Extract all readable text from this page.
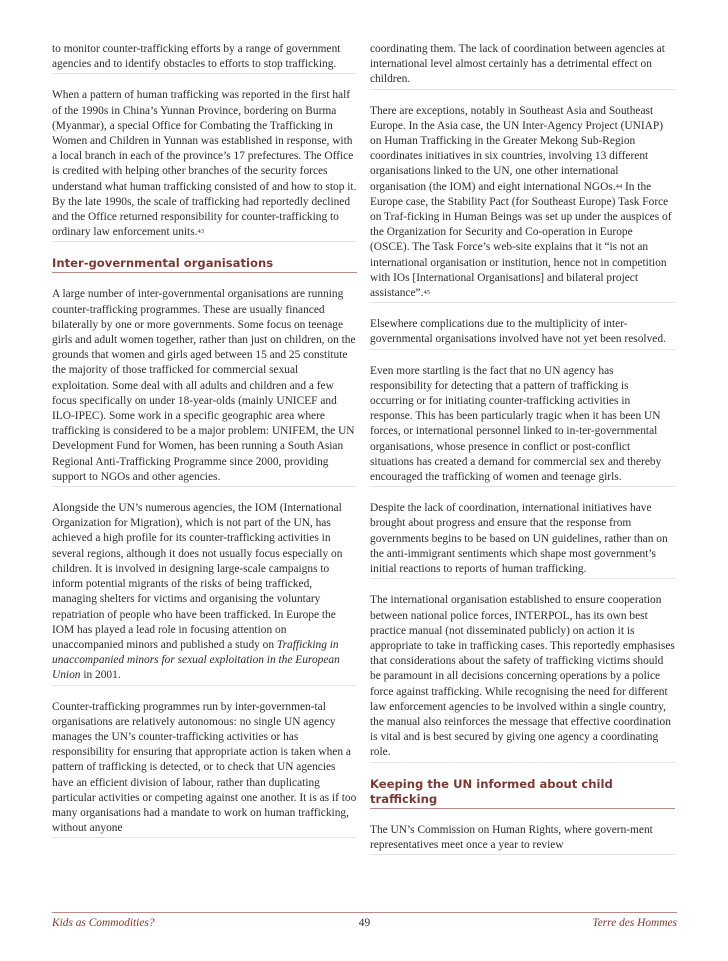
to monitor counter-trafficking efforts by a range of government agencies and to identify obstacles to efforts to stop trafficking.

When a pattern of human trafficking was reported in the first half of the 1990s in China’s Yunnan Province, bordering on Burma (Myanmar), a special Office for Combating the Trafficking in Women and Children in Yunnan was established in response, with a local branch in each of the province’s 17 prefectures. The Office is credited with helping other branches of the security forces understand what human trafficking consisted of and how to stop it. By the late 1990s, the scale of trafficking had reportedly declined and the Office returned responsibility for counter-trafficking to ordinary law enforcement units.$^{43}$

Inter-governmental organisations

A large number of inter-governmental organisations are running counter-trafficking programmes. These are usually financed bilaterally by one or more governments. Some focus on teenage girls and adult women together, rather than just on children, on the grounds that women and girls aged between 15 and 25 constitute the majority of those trafficked for commercial sexual exploitation. Some deal with all adults and children and a few focus specifically on under 18-year-olds (mainly UNICEF and ILO-IPEC). Some work in a specific geographic area where trafficking is considered to be a major problem: UNIFEM, the UN Development Fund for Women, has been running a South Asian Regional Anti-Trafficking Programme since 2000, providing support to NGOs and other agencies.

Alongside the UN’s numerous agencies, the IOM (International Organization for Migration), which is not part of the UN, has achieved a high profile for its counter-trafficking activities in several regions, although it does not usually focus especially on children. It is involved in designing large-scale campaigns to inform potential migrants of the risks of being trafficked, managing shelters for victims and organising the voluntary repatriation of people who have been trafficked. In Europe the IOM has played a lead role in focusing attention on unaccompanied minors and published a study on Trafficking in unaccompanied minors for sexual exploitation in the European Union in 2001.

Counter-trafficking programmes run by inter-governmen-tal organisations are relatively autonomous: no single UN agency manages the UN’s counter-trafficking activities or has responsibility for ensuring that appropriate action is taken when a pattern of trafficking is detected, or to check that UN agencies have an efficient division of labour, rather than duplicating particular activities or competing against one another. It is as if too many organisations had a mandate to work on human trafficking, without anyone

coordinating them. The lack of coordination between agencies at international level almost certainly has a detrimental effect on children.

There are exceptions, notably in Southeast Asia and Southeast Europe. In the Asia case, the UN Inter-Agency Project (UNIAP) on Human Trafficking in the Greater Mekong Sub-Region coordinates initiatives in six countries, involving 13 different organisations linked to the UN, one other international organisation (the IOM) and eight international NGOs.$^{44}$ In the Europe case, the Stability Pact (for Southeast Europe) Task Force on Traf-ficking in Human Beings was set up under the auspices of the Organization for Security and Co-operation in Europe (OSCE). The Task Force’s web-site explains that it “is not an international organisation or institution, hence not in competition with IOs [International Organisations] and bilateral project assistance”.$^{45}$

Elsewhere complications due to the multiplicity of inter-governmental organisations involved have not yet been resolved.

Even more startling is the fact that no UN agency has responsibility for detecting that a pattern of trafficking is occurring or for initiating counter-trafficking activities in response. This has been particularly tragic when it has been UN forces, or international personnel linked to in-ter-governmental organisations, whose presence in conflict or post-conflict situations has created a demand for commercial sex and thereby encouraged the trafficking of women and teenage girls.

Despite the lack of coordination, international initiatives have brought about progress and ensure that the response from governments begins to be based on UN guidelines, rather than on the anti-immigrant sentiments which shape most government’s initial reactions to reports of human trafficking.

The international organisation established to ensure cooperation between national police forces, INTERPOL, has its own best practice manual (not disseminated publicly) on action it is appropriate to take in trafficking cases. This reportedly emphasises that considerations about the safety of trafficking victims should be paramount in all decisions concerning operations by a police force against trafficking. While recognising the need for different law enforcement agencies to be involved within a single country, the manual also reinforces the message that effective coordination is vital and is best secured by giving one agency a coordinating role.

Keeping the UN informed about child trafficking

The UN’s Commission on Human Rights, where govern-ment representatives meet once a year to review

Kids as Commodities?	49	Terre des Hommes
